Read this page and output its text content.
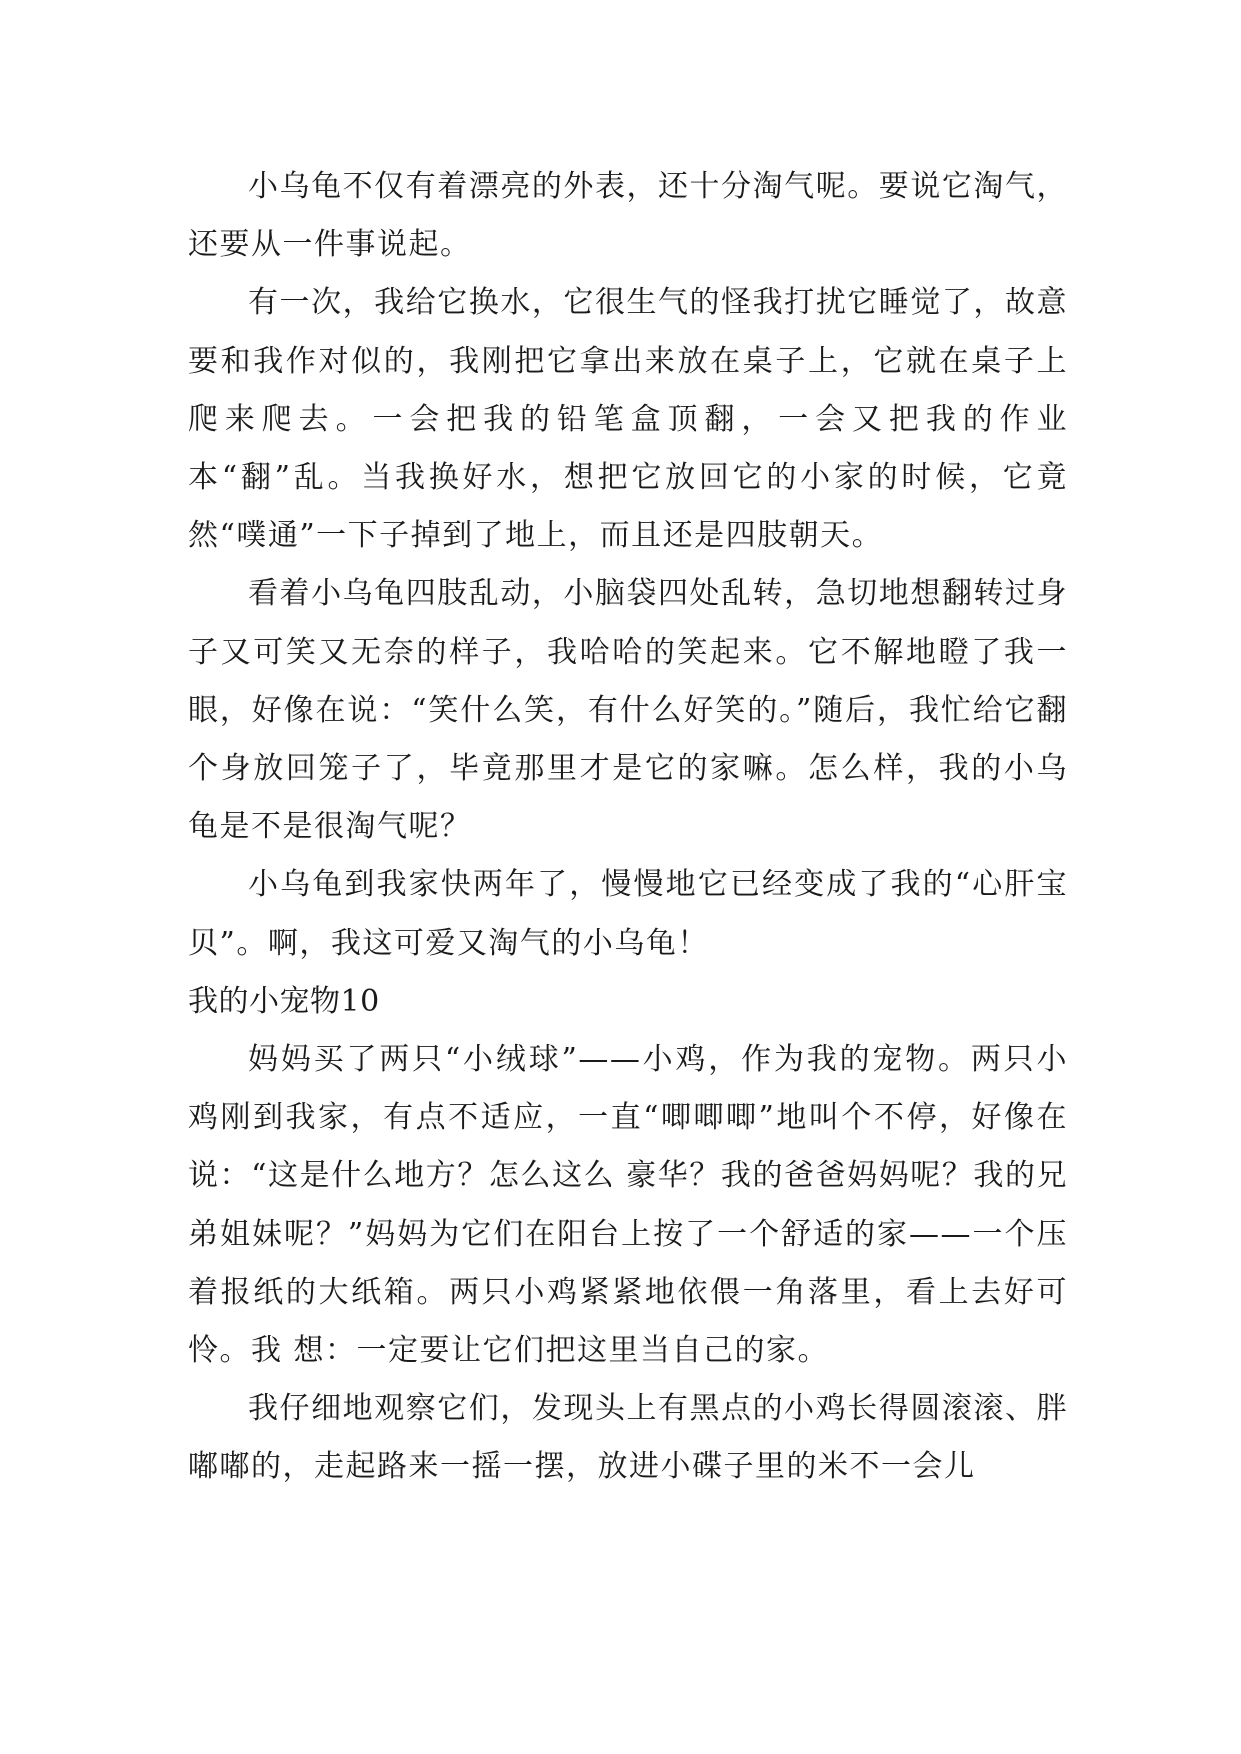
小乌龟不仅有着漂亮的外表，还十分淘气呢。要说它淘气，还要从一件事说起。

有一次，我给它换水，它很生气的怪我打扰它睡觉了，故意要和我作对似的，我刚把它拿出来放在桌子上，它就在桌子上爬来爬去。一会把我的铅笔盒顶翻，一会又把我的作业本“翻”乱。当我换好水，想把它放回它的小家的时候，它竟然“噗通”一下子掉到了地上，而且还是四肢朝天。

看着小乌龟四肢乱动，小脑袋四处乱转，急切地想翻转过身子又可笑又无奈的样子，我哈哈的笑起来。它不解地瞪了我一眼，好像在说：“笑什么笑，有什么好笑的。”随后，我忙给它翻个身放回笼子了，毕竟那里才是它的家嘛。怎么样，我的小乌龟是不是很淘气呢？

小乌龟到我家快两年了，慢慢地它已经变成了我的“心肝宝贝”。啊，我这可爱又淘气的小乌龟！

我的小宠物10

妈妈买了两只“小绒球”——小鸡，作为我的宠物。两只小鸡刚到我家，有点不适应，一直“唧唧唧”地叫个不停，好像在说：“这是什么地方？怎么这么 豪华？我的爸爸妈妈呢？我的兄弟姐妹呢？”妈妈为它们在阳台上按了一个舒适的家——一个压着报纸的大纸箱。两只小鸡紧紧地依偎一角落里，看上去好可怜。我 想：一定要让它们把这里当自己的家。

我仔细地观察它们，发现头上有黑点的小鸡长得圆滚滚、胖嘟嘟的，走起路来一摇一摆，放进小碟子里的米不一会儿
